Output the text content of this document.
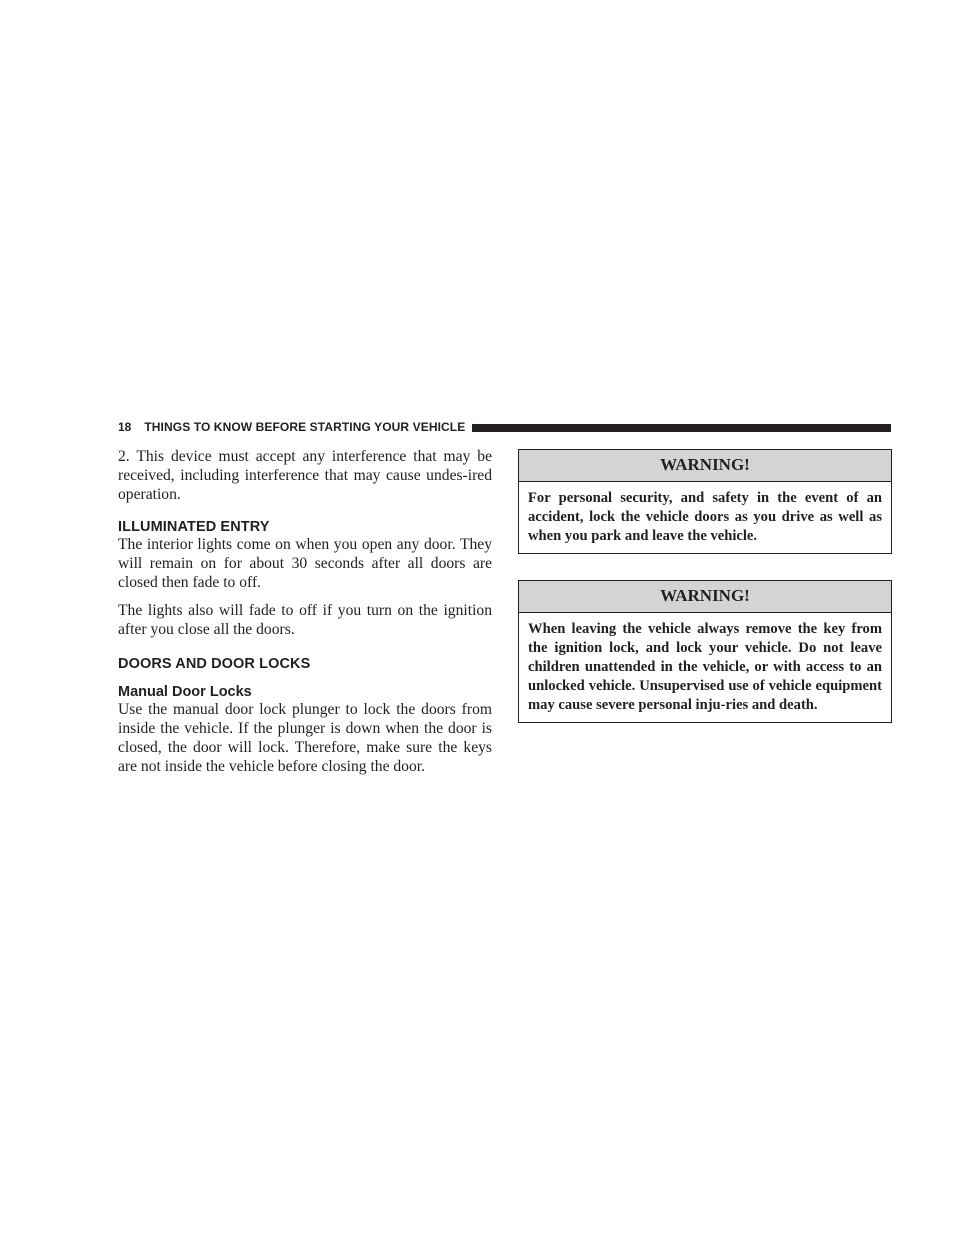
18 THINGS TO KNOW BEFORE STARTING YOUR VEHICLE

2. This device must accept any interference that may be received, including interference that may cause undes-ired operation.

ILLUMINATED ENTRY

The interior lights come on when you open any door. They will remain on for about 30 seconds after all doors are closed then fade to off.

The lights also will fade to off if you turn on the ignition after you close all the doors.

DOORS AND DOOR LOCKS
Manual Door Locks

Use the manual door lock plunger to lock the doors from inside the vehicle. If the plunger is down when the door is closed, the door will lock. Therefore, make sure the keys are not inside the vehicle before closing the door.

WARNING!
For personal security, and safety in the event of an accident, lock the vehicle doors as you drive as well as when you park and leave the vehicle.
WARNING!
When leaving the vehicle always remove the key from the ignition lock, and lock your vehicle. Do not leave children unattended in the vehicle, or with access to an unlocked vehicle. Unsupervised use of vehicle equipment may cause severe personal inju-ries and death.
